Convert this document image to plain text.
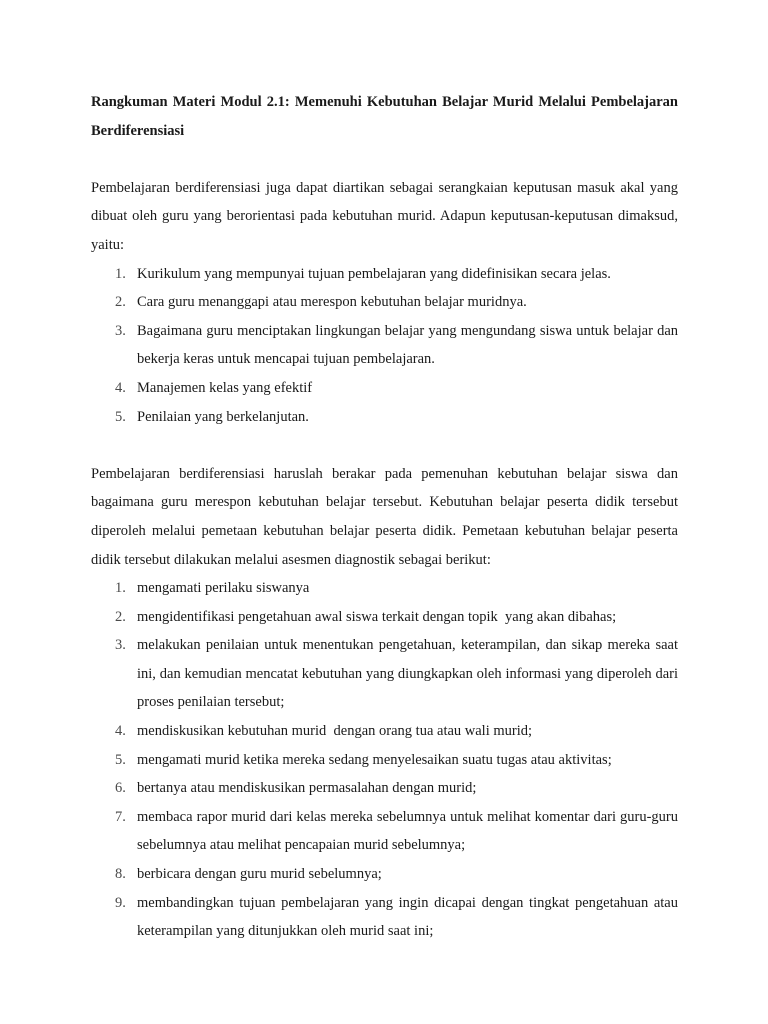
Rangkuman Materi Modul 2.1: Memenuhi Kebutuhan Belajar Murid Melalui Pembelajaran Berdiferensiasi

Pembelajaran berdiferensiasi juga dapat diartikan sebagai serangkaian keputusan masuk akal yang dibuat oleh guru yang berorientasi pada kebutuhan murid. Adapun keputusan-keputusan dimaksud, yaitu:

1. Kurikulum yang mempunyai tujuan pembelajaran yang didefinisikan secara jelas.
2. Cara guru menanggapi atau merespon kebutuhan belajar muridnya.
3. Bagaimana guru menciptakan lingkungan belajar yang mengundang siswa untuk belajar dan bekerja keras untuk mencapai tujuan pembelajaran.
4. Manajemen kelas yang efektif
5. Penilaian yang berkelanjutan.

Pembelajaran berdiferensiasi haruslah berakar pada pemenuhan kebutuhan belajar siswa dan bagaimana guru merespon kebutuhan belajar tersebut. Kebutuhan belajar peserta didik tersebut diperoleh melalui pemetaan kebutuhan belajar peserta didik. Pemetaan kebutuhan belajar peserta didik tersebut dilakukan melalui asesmen diagnostik sebagai berikut:

1. mengamati perilaku siswanya
2. mengidentifikasi pengetahuan awal siswa terkait dengan topik  yang akan dibahas;
3. melakukan penilaian untuk menentukan pengetahuan, keterampilan, dan sikap mereka saat ini, dan kemudian mencatat kebutuhan yang diungkapkan oleh informasi yang diperoleh dari proses penilaian tersebut;
4. mendiskusikan kebutuhan murid  dengan orang tua atau wali murid;
5. mengamati murid ketika mereka sedang menyelesaikan suatu tugas atau aktivitas;
6. bertanya atau mendiskusikan permasalahan dengan murid;
7. membaca rapor murid dari kelas mereka sebelumnya untuk melihat komentar dari guru-guru sebelumnya atau melihat pencapaian murid sebelumnya;
8. berbicara dengan guru murid sebelumnya;
9. membandingkan tujuan pembelajaran yang ingin dicapai dengan tingkat pengetahuan atau keterampilan yang ditunjukkan oleh murid saat ini;
